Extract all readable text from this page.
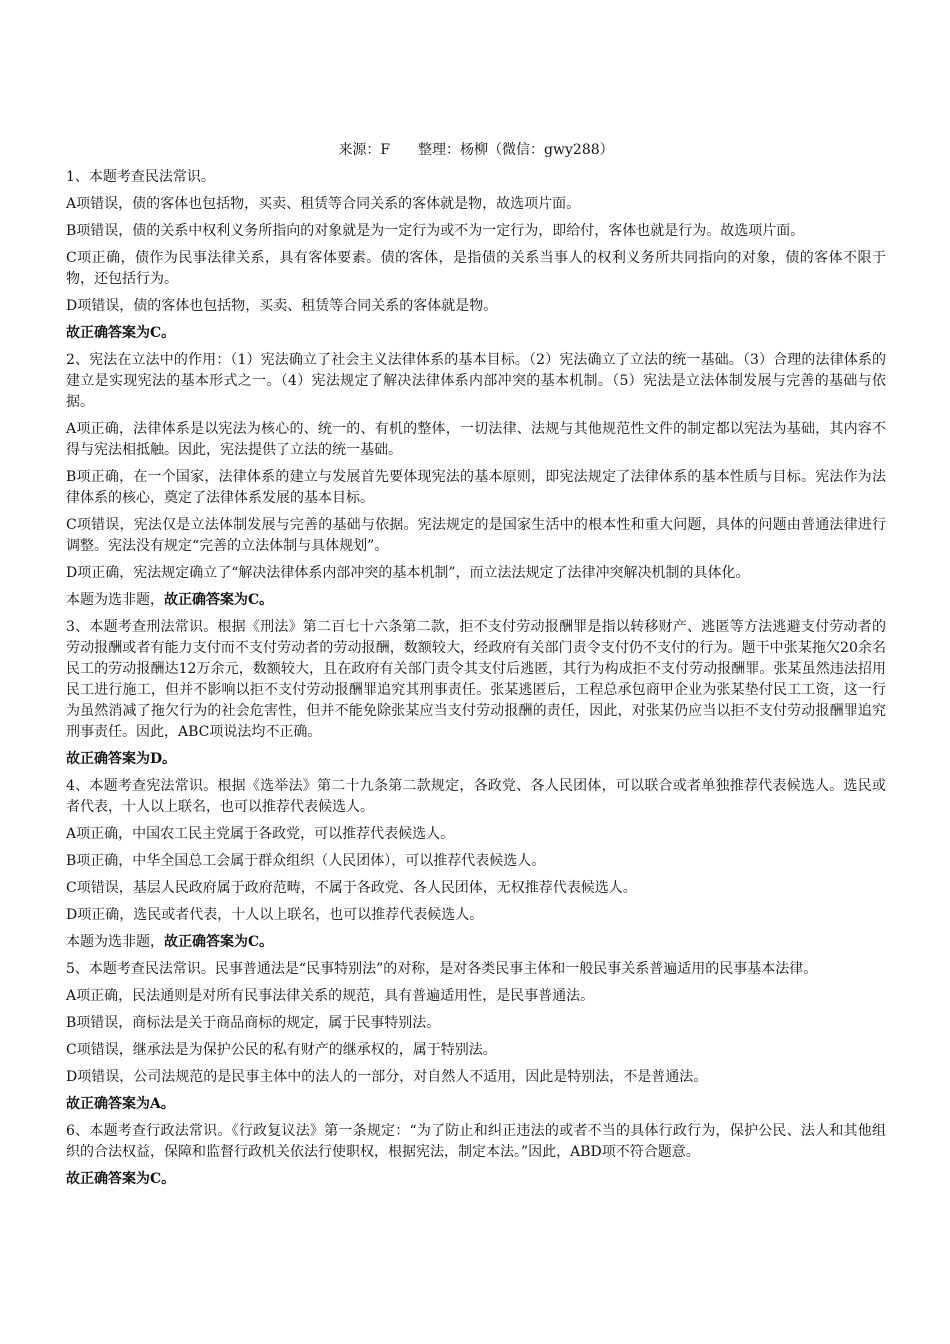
来源：F　　整理：杨柳（微信：gwy288）

1、本题考查民法常识。

A项错误，债的客体也包括物，买卖、租赁等合同关系的客体就是物，故选项片面。

B项错误，债的关系中权利义务所指向的对象就是为一定行为或不为一定行为，即给付，客体也就是行为。故选项片面。

C项正确，债作为民事法律关系，具有客体要素。债的客体，是指债的关系当事人的权利义务所共同指向的对象，债的客体不限于物，还包括行为。

D项错误，债的客体也包括物，买卖、租赁等合同关系的客体就是物。

故正确答案为C。

2、宪法在立法中的作用：（1）宪法确立了社会主义法律体系的基本目标。（2）宪法确立了立法的统一基础。（3）合理的法律体系的建立是实现宪法的基本形式之一。（4）宪法规定了解决法律体系内部冲突的基本机制。（5）宪法是立法体制发展与完善的基础与依据。

A项正确，法律体系是以宪法为核心的、统一的、有机的整体，一切法律、法规与其他规范性文件的制定都以宪法为基础，其内容不得与宪法相抵触。因此，宪法提供了立法的统一基础。

B项正确，在一个国家，法律体系的建立与发展首先要体现宪法的基本原则，即宪法规定了法律体系的基本性质与目标。宪法作为法律体系的核心，奠定了法律体系发展的基本目标。

C项错误，宪法仅是立法体制发展与完善的基础与依据。宪法规定的是国家生活中的根本性和重大问题，具体的问题由普通法律进行调整。宪法没有规定“完善的立法体制与具体规划”。

D项正确，宪法规定确立了“解决法律体系内部冲突的基本机制”，而立法法规定了法律冲突解决机制的具体化。

本题为选非题，故正确答案为C。

3、本题考查刑法常识。根据《刑法》第二百七十六条第二款，拒不支付劳动报酬罪是指以转移财产、逃匿等方法逃避支付劳动者的劳动报酬或者有能力支付而不支付劳动者的劳动报酬，数额较大，经政府有关部门责令支付仍不支付的行为。题干中张某拖欠20余名民工的劳动报酬达12万余元，数额较大，且在政府有关部门责令其支付后逃匿，其行为构成拒不支付劳动报酬罪。张某虽然违法招用民工进行施工，但并不影响以拒不支付劳动报酬罪追究其刑事责任。张某逃匿后，工程总承包商甲企业为张某垫付民工工资，这一行为虽然消减了拖欠行为的社会危害性，但并不能免除张某应当支付劳动报酬的责任，因此，对张某仍应当以拒不支付劳动报酬罪追究刑事责任。因此，ABC项说法均不正确。

故正确答案为D。

4、本题考查宪法常识。根据《选举法》第二十九条第二款规定，各政党、各人民团体，可以联合或者单独推荐代表候选人。选民或者代表，十人以上联名，也可以推荐代表候选人。

A项正确，中国农工民主党属于各政党，可以推荐代表候选人。

B项正确，中华全国总工会属于群众组织（人民团体），可以推荐代表候选人。

C项错误，基层人民政府属于政府范畴，不属于各政党、各人民团体，无权推荐代表候选人。

D项正确，选民或者代表，十人以上联名，也可以推荐代表候选人。

本题为选非题，故正确答案为C。

5、本题考查民法常识。民事普通法是“民事特别法”的对称，是对各类民事主体和一般民事关系普遍适用的民事基本法律。

A项正确，民法通则是对所有民事法律关系的规范，具有普遍适用性，是民事普通法。

B项错误，商标法是关于商品商标的规定，属于民事特别法。

C项错误，继承法是为保护公民的私有财产的继承权的，属于特别法。

D项错误，公司法规范的是民事主体中的法人的一部分，对自然人不适用，因此是特别法，不是普通法。

故正确答案为A。

6、本题考查行政法常识。《行政复议法》第一条规定：“为了防止和纠正违法的或者不当的具体行政行为，保护公民、法人和其他组织的合法权益，保障和监督行政机关依法行使职权，根据宪法，制定本法。”因此，ABD项不符合题意。

故正确答案为C。
